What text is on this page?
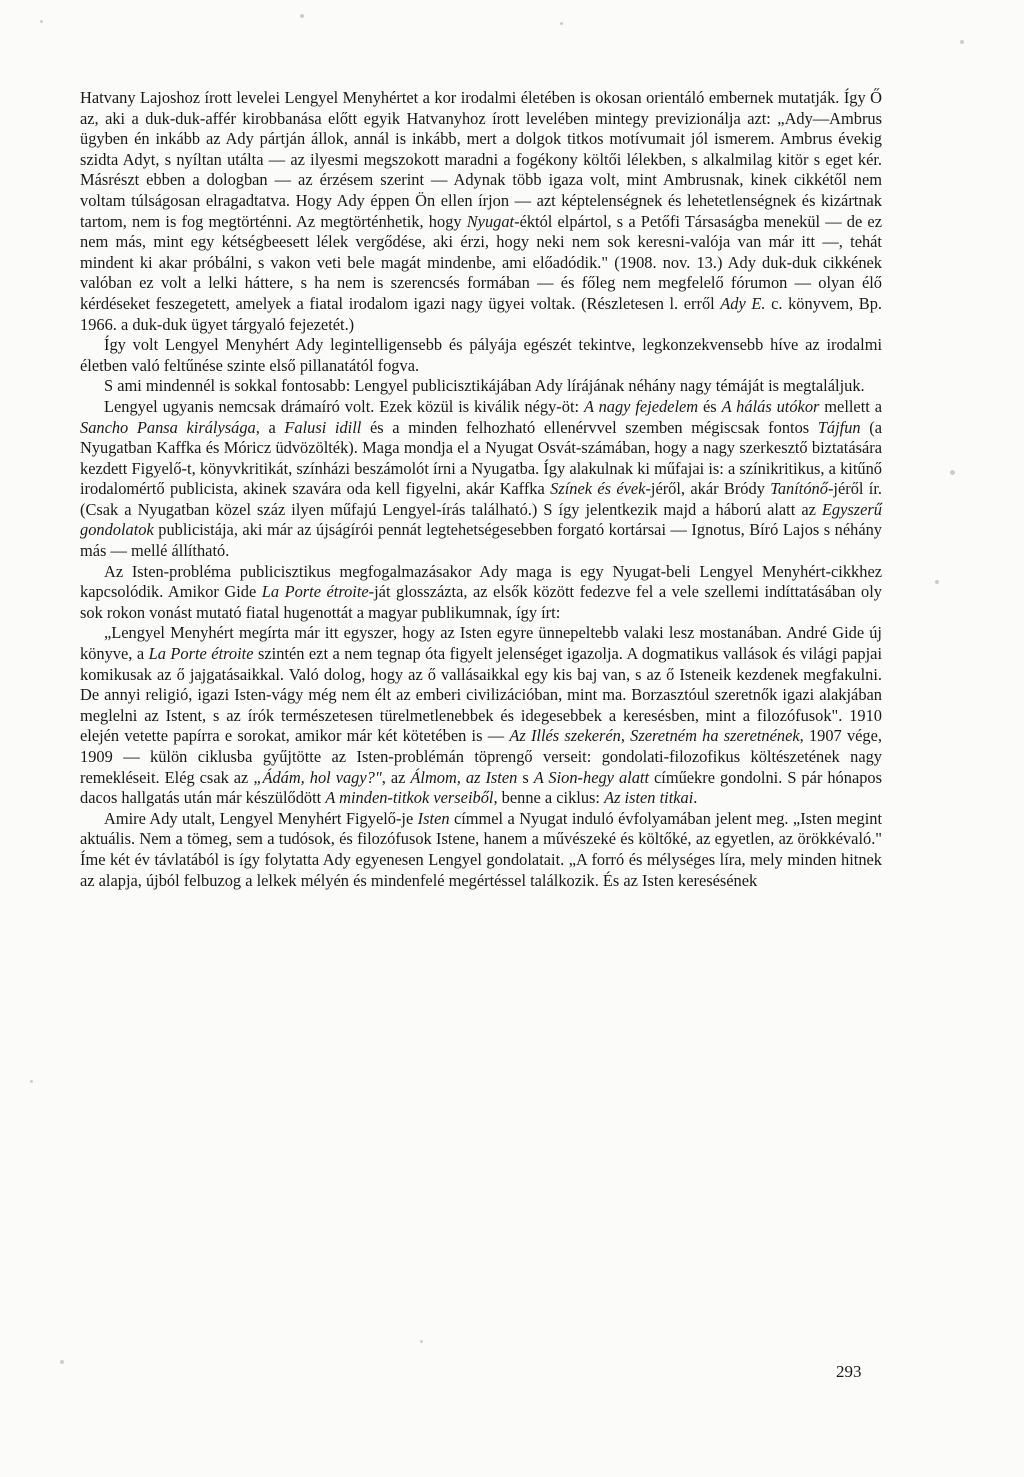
Hatvany Lajoshoz írott levelei Lengyel Menyhértet a kor irodalmi életében is okosan orientáló embernek mutatják. Így Ő az, aki a duk-duk-affér kirobbanása előtt egyik Hatvanyhoz írott levelében mintegy previzionálja azt: „Ady—Ambrus ügyben én inkább az Ady pártján állok, annál is inkább, mert a dolgok titkos motívumait jól ismerem. Ambrus évekig szidta Adyt, s nyíltan utálta — az ilyesmi megszokott maradni a fogékony költői lélekben, s alkalmilag kitör s eget kér. Másrészt ebben a dologban — az érzésem szerint — Adynak több igaza volt, mint Ambrusnak, kinek cikkétől nem voltam túlságosan elragadtatva. Hogy Ady éppen Ön ellen írjon — azt képtelenségnek és lehetetlenségnek és kizártnak tartom, nem is fog megtörténni. Az megtörténhetik, hogy Nyugat-éktól elpártol, s a Petőfi Társaságba menekül — de ez nem más, mint egy kétségbeesett lélek vergődése, aki érzi, hogy neki nem sok keresni-valója van már itt —, tehát mindent ki akar próbálni, s vakon veti bele magát mindenbe, ami előadódik." (1908. nov. 13.) Ady duk-duk cikkének valóban ez volt a lelki háttere, s ha nem is szerencsés formában — és főleg nem megfelelő fórumon — olyan élő kérdéseket feszegetett, amelyek a fiatal irodalom igazi nagy ügyei voltak. (Részletesen l. erről Ady E. c. könyvem, Bp. 1966. a duk-duk ügyet tárgyaló fejezetét.)

Így volt Lengyel Menyhért Ady legintelligensebb és pályája egészét tekintve, legkonzekvensebb híve az irodalmi életben való feltűnése szinte első pillanatától fogva.

S ami mindennél is sokkal fontosabb: Lengyel publicisztikájában Ady lírájának néhány nagy témáját is megtaláljuk.

Lengyel ugyanis nemcsak drámaíró volt. Ezek közül is kiválik négy-öt: A nagy fejedelem és A hálás utókor mellett a Sancho Pansa királysága, a Falusi idill és a minden felhozható ellenérvvel szemben mégiscsak fontos Tájfun (a Nyugatban Kaffka és Móricz üdvözölték). Maga mondja el a Nyugat Osvát-számában, hogy a nagy szerkesztő biztatására kezdett Figyelő-t, könyvkritikát, színházi beszámolót írni a Nyugatba. Így alakulnak ki műfajai is: a színikritikus, a kitűnő irodalomértő publicista, akinek szavára oda kell figyelni, akár Kaffka Színek és évek-jéről, akár Bródy Tanítónő-jéről ír. (Csak a Nyugatban közel száz ilyen műfajú Lengyel-írás található.) S így jelentkezik majd a háború alatt az Egyszerű gondolatok publicistája, aki már az újságírói pennát legtehetségesebben forgató kortársai — Ignotus, Bíró Lajos s néhány más — mellé állítható.

Az Isten-probléma publicisztikus megfogalmazásakor Ady maga is egy Nyugat-beli Lengyel Menyhért-cikkhez kapcsolódik. Amikor Gide La Porte étroite-ját glosszázta, az elsők között fedezve fel a vele szellemi indíttatásában oly sok rokon vonást mutató fiatal hugenottát a magyar publikumnak, így írt:

„Lengyel Menyhért megírta már itt egyszer, hogy az Isten egyre ünnepeltebb valaki lesz mostanában. André Gide új könyve, a La Porte étroite szintén ezt a nem tegnap óta figyelt jelenséget igazolja. A dogmatikus vallások és világi papjai komikusak az ő jajgatásaikkal. Való dolog, hogy az ő vallásaikkal egy kis baj van, s az ő Isteneik kezdenek megfakulni. De annyi religió, igazi Isten-vágy még nem élt az emberi civilizációban, mint ma. Borzasztóul szeretnők igazi alakjában meglelni az Istent, s az írók természetesen türelmetlenebbek és idegesebbek a keresésben, mint a filozófusok". 1910 elején vetette papírra e sorokat, amikor már két kötetében is — Az Illés szekerén, Szeretném ha szeretnének, 1907 vége, 1909 — külön ciklusba gyűjtötte az Isten-problémán töprengő verseit: gondolati-filozofikus költészetének nagy remekléseit. Elég csak az „Ádám, hol vagy?", az Álmom, az Isten s A Sion-hegy alatt címűekre gondolni. S pár hónapos dacos hallgatás után már készülődött A minden-titkok verseiből, benne a ciklus: Az isten titkai.

Amire Ady utalt, Lengyel Menyhért Figyelő-je Isten címmel a Nyugat induló évfolyamában jelent meg. „Isten megint aktuális. Nem a tömeg, sem a tudósok, és filozófusok Istene, hanem a művészeké és költőké, az egyetlen, az örökkévaló." Íme két év távlatából is így folytatta Ady egyenesen Lengyel gondolatait. „A forró és mélységes líra, mely minden hitnek az alapja, újból felbuzog a lelkek mélyén és mindenfelé megértéssel találkozik. És az Isten keresésének

293
